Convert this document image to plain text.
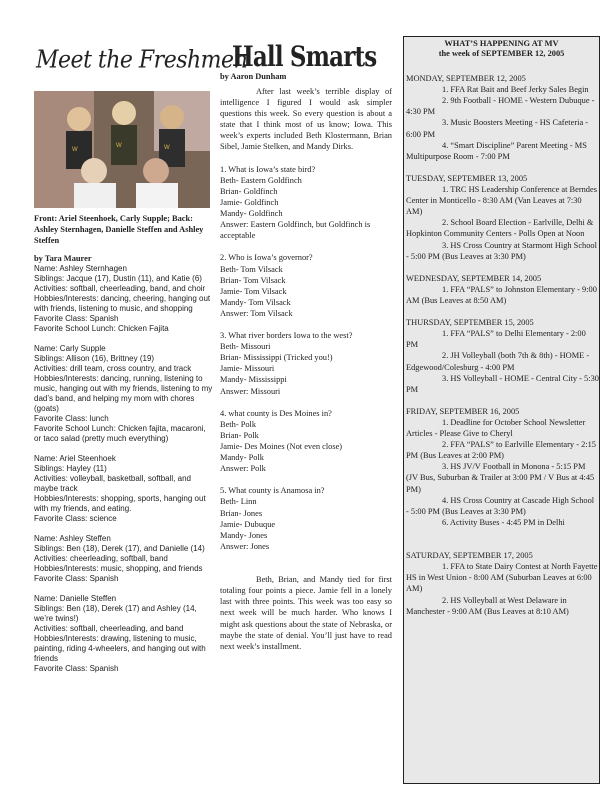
Meet the Freshmen
W
W	W
Front: Ariel Steenhoek, Carly Supple; Back: Ashley Sternhagen, Danielle Steffen and Ashley Steffen
by Tara Maurer

Name: Ashley Sternhagen

Siblings: Jacque (17), Dustin (11), and Katie (6)

Activities: softball, cheerleading, band, and choir

Hobbies/Interests: dancing, cheering, hanging out with friends, listening to music, and shopping

Favorite Class: Spanish

Favorite School Lunch: Chicken Fajita

Name: Carly Supple

Siblings: Allison (16), Brittney (19)

Activities: drill team, cross country, and track

Hobbies/Interests: dancing, running, listening to music, hanging out with my friends, listening to my dad’s band, and helping my mom with chores (goats)

Favorite Class: lunch

Favorite School Lunch: Chicken fajita, macaroni, or taco salad (pretty much everything)

Name: Ariel Steenhoek

Siblings: Hayley (11)

Activities: volleyball, basketball, softball, and maybe track

Hobbies/Interests: shopping, sports, hanging out with my friends, and eating.

Favorite Class: science

Name: Ashley Steffen

Siblings: Ben (18), Derek (17), and Danielle (14)

Activities: cheerleading, softball, band

Hobbies/Interests: music, shopping, and friends

Favorite Class: Spanish

Name: Danielle Steffen

Siblings: Ben (18), Derek (17) and Ashley (14, we’re twins!)

Activities: softball, cheerleading, and band

Hobbies/Interests: drawing, listening to music, painting, riding 4-wheelers, and hanging out with friends

Favorite Class: Spanish

Hall Smarts
by Aaron Dunham

After last week’s terrible display of intelligence I figured I would ask simpler questions this week. So every question is about a state that I think most of us know; Iowa. This week’s experts included Beth Klostermann, Brian Sibel, Jamie Stelken, and Mandy Dirks.

1. What is Iowa’s state bird?

Beth- Eastern Goldfinch

Brian- Goldfinch

Jamie- Goldfinch

Mandy- Goldfinch

Answer: Eastern Goldfinch, but Goldfinch is acceptable

2. Who is Iowa’s governor?

Beth- Tom Vilsack

Brian- Tom Vilsack

Jamie- Tom Vilsack

Mandy- Tom Vilsack

Answer: Tom Vilsack

3. What river borders Iowa to the west?

Beth- Missouri

Brian- Mississippi (Tricked you!)

Jamie- Missouri

Mandy- Mississippi

Answer: Missouri

4. what county is Des Moines in?

Beth- Polk

Brian- Polk

Jamie- Des Moines (Not even close)

Mandy- Polk

Answer: Polk

5. What county is Anamosa in?

Beth- Linn

Brian- Jones

Jamie- Dubuque

Mandy- Jones

Answer: Jones

Beth, Brian, and Mandy tied for first totaling four points a piece. Jamie fell in a lonely last with three points. This week was too easy so next week will be much harder. Who knows I might ask questions about the state of Nebraska, or maybe the state of denial. You’ll just have to read next week’s installment.

WHAT’S HAPPENING AT MV
the week of SEPTEMBER 12, 2005

MONDAY, SEPTEMBER 12, 2005

1. FFA Rat Bait and Beef Jerky Sales Begin

2. 9th Football - HOME - Western Dubuque - 4:30 PM

3. Music Boosters Meeting - HS Cafeteria - 6:00 PM

4. “Smart Discipline” Parent Meeting - MS Multipurpose Room - 7:00 PM

TUESDAY, SEPTEMBER 13, 2005

1. TRC HS Leadership Conference at Berndes Center in Monticello - 8:30 AM (Van Leaves at 7:30 AM)

2. School Board Election - Earlville, Delhi & Hopkinton Community Centers - Polls Open at Noon

3. HS Cross Country at Starmont High School - 5:00 PM (Bus Leaves at 3:30 PM)

WEDNESDAY, SEPTEMBER 14, 2005

1. FFA “PALS” to Johnston Elementary - 9:00 AM (Bus Leaves at 8:50 AM)

THURSDAY, SEPTEMBER 15, 2005

1. FFA “PALS” to Delhi Elementary - 2:00 PM

2. JH Volleyball (both 7th & 8th) - HOME - Edgewood/Colesburg - 4:00 PM

3. HS Volleyball - HOME - Central City - 5:30 PM

FRIDAY, SEPTEMBER 16, 2005

1. Deadline for October School Newsletter Articles - Please Give to Cheryl

2. FFA “PALS” to Earlville Elementary - 2:15 PM (Bus Leaves at 2:00 PM)

3. HS JV/V Football in Monona - 5:15 PM (JV Bus, Suburban & Trailer at 3:00 PM / V Bus at 4:45 PM)

4. HS Cross Country at Cascade High School - 5:00 PM (Bus Leaves at 3:30 PM)

6. Activity Buses - 4:45 PM in Delhi

SATURDAY, SEPTEMBER 17, 2005

1. FFA to State Dairy Contest at North Fayette HS in West Union - 8:00 AM (Suburban Leaves at 6:00 AM)

2. HS Volleyball at West Delaware in Manchester - 9:00 AM (Bus Leaves at 8:10 AM)
